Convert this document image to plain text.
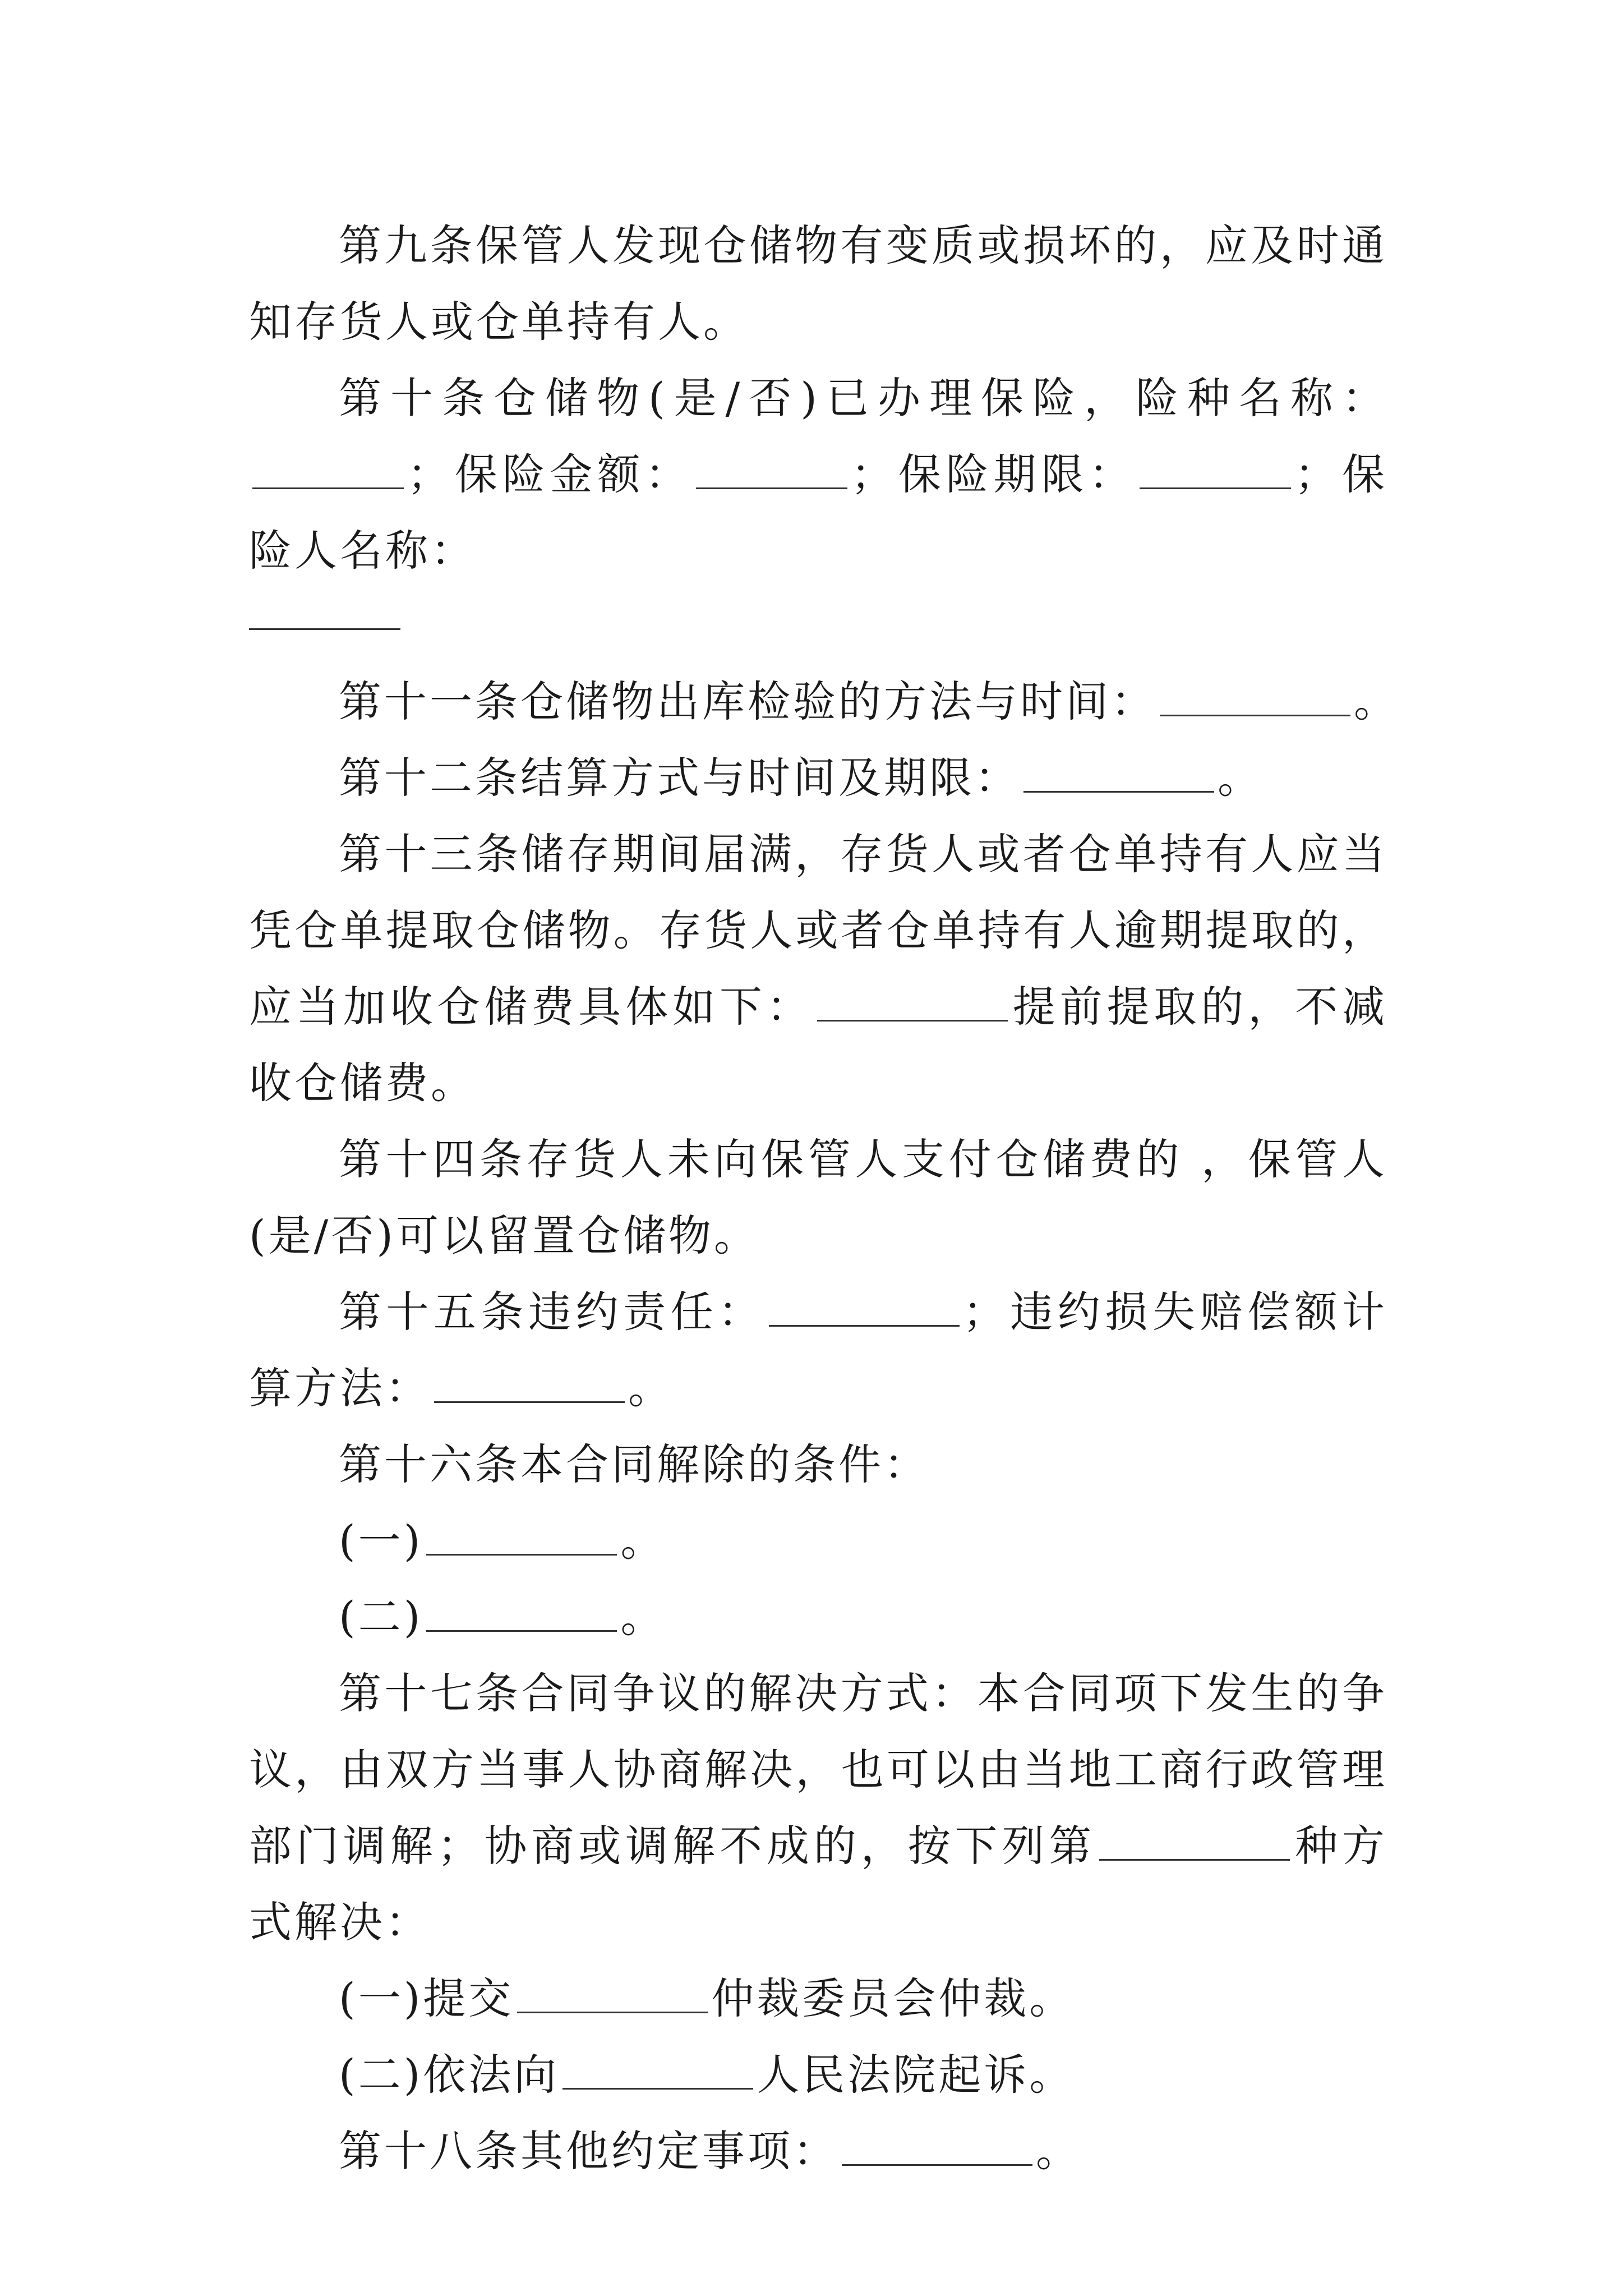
第九条保管人发现仓储物有变质或损坏的，应及时通知存货人或仓单持有人。

第十条仓储物(是/否)已办理保险，险种名称：；保险金额：	；保险期限：	；保险人名称：

第十一条仓储物出库检验的方法与时间：	。

第十二条结算方式与时间及期限：	。

第十三条储存期间届满，存货人或者仓单持有人应当凭仓单提取仓储物。存货人或者仓单持有人逾期提取的，应当加收仓储费具体如下：	提前提取的，不减收仓储费。

第十四条存货人未向保管人支付仓储费的 ，保管人(是/否)可以留置仓储物。

第十五条违约责任：	；违约损失赔偿额计算方法：	。

第十六条本合同解除的条件：

(一)	。

(二)	。

第十七条合同争议的解决方式：本合同项下发生的争议，由双方当事人协商解决，也可以由当地工商行政管理部门调解；协商或调解不成的，按下列第	种方式解决：

(一)提交	仲裁委员会仲裁。

(二)依法向	人民法院起诉。

第十八条其他约定事项：	。
